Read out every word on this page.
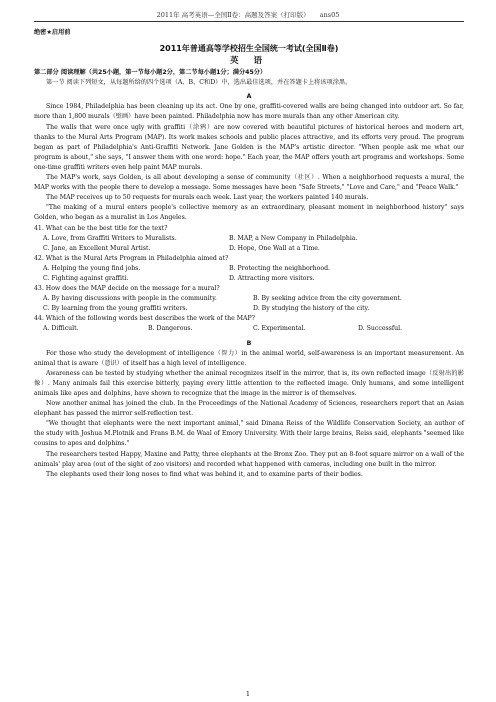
2011年 高考英语—全国Ⅱ卷：高题及答案（打印版） ans05
绝密★启用前
2011年普通高等学校招生全国统一考试(全国Ⅱ卷)
英 语
第二部分 阅读理解（共25小题，第一节每小题2分，第二节每小题1分；满分45分）

第一节 阅读下列短文，从每题所给的四个选项（A、B、C和D）中，选出最佳选项，并在答题卡上将该项涂黑。

A

Since 1984, Philadelphia has been cleaning up its act. One by one, graffiti-covered walls are being changed into outdoor art. So far, more than 1,800 murals（壁画）have been painted. Philadelphia now has more murals than any other American city.

The walls that were once ugly with graffiti（涂鸦）are now covered with beautiful pictures of historical heroes and modern art, thanks to the Mural Arts Program (MAP). Its work makes schools and public places attractive, and its efforts very proud. The program began as part of Philadelphia's Anti-Graffiti Network. Jane Golden is the MAP's artistic director. "When people ask me what our program is about," she says, "I answer them with one word: hope." Each year, the MAP offers youth art programs and workshops. Some one-time graffiti writers even help paint MAP murals.

The MAP's work, says Golden, is all about developing a sense of community（社区）. When a neighborhood requests a mural, the MAP works with the people there to develop a message. Some messages have been "Safe Streets," "Love and Care," and "Peace Walk."

The MAP receives up to 50 requests for murals each week. Last year, the workers painted 140 murals.

"The making of a mural enters people's collective memory as an extraordinary, pleasant moment in neighborhood history" says Golden, who began as a muralist in Los Angeles.

41. What can be the best title for the text?
A. Love, from Graffiti Writers to Muralists.	B. MAP, a New Company in Philadelphia.
C. Jane, an Excellent Mural Artist.	D. Hope, One Wall at a Time.
42. What is the Mural Arts Program in Philadelphia aimed at?
A. Helping the young find jobs.	B. Protecting the neighborhood.
C. Fighting against graffiti.	D. Attracting more visitors.
43. How does the MAP decide on the message for a mural?
A. By having discussions with people in the community.	B. By seeking advice from the city government.
C. By learning from the young graffiti writers.	D. By studying the history of the city.
44. Which of the following words best describes the work of the MAP?
A. Difficult.	B. Dangerous.	C. Experimental.	D. Successful.
B

For those who study the development of intelligence（智力）in the animal world, self-awareness is an important measurement. An animal that is aware（意识）of itself has a high level of intelligence.

Awareness can be tested by studying whether the animal recognizes itself in the mirror, that is, its own reflected image（反射出的影像）. Many animals fail this exercise bitterly, paying every little attention to the reflected image. Only humans, and some intelligent animals like apes and dolphins, have shown to recognize that the image in the mirror is of themselves.

Now another animal has joined the club. In the Proceedings of the National Academy of Sciences, researchers report that an Asian elephant has passed the mirror self-reflection test.

"We thought that elephants were the next important animal," said Dinana Reiss of the Wildlife Conservation Society, an author of the study with Joshua M.Plotnik and Frans B.M. de Waal of Emory University. With their large brains, Reiss said, elephants "seemed like cousins to apes and dolphins."

The researchers tested Happy, Maxine and Patty, three elephants at the Bronx Zoo. They put an 8-foot square mirror on a wall of the animals' play area (out of the sight of zoo visitors) and recorded what happened with cameras, including one built in the mirror.

The elephants used their long noses to find what was behind it, and to examine parts of their bodies.

1
